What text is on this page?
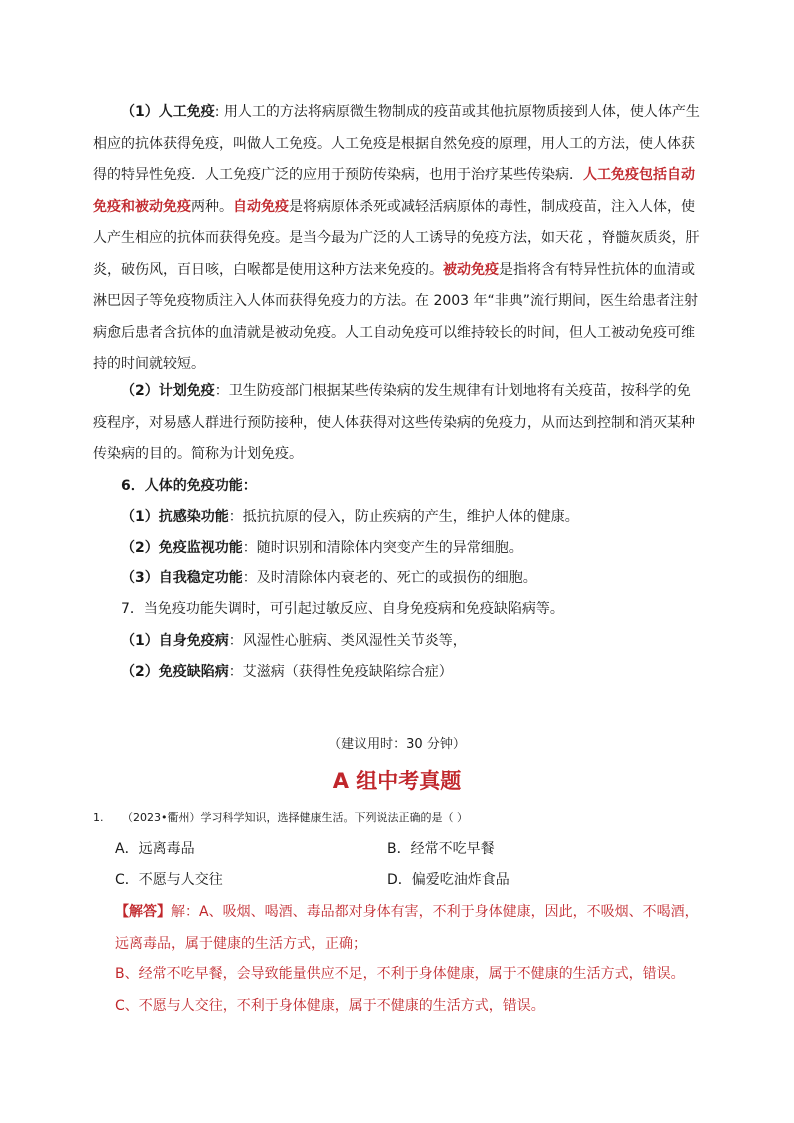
（1）人工免疫: 用人工的方法将病原微生物制成的疫苗或其他抗原物质接到人体，使人体产生相应的抗体获得免疫，叫做人工免疫。人工免疫是根据自然免疫的原理，用人工的方法，使人体获得的特异性免疫．人工免疫广泛的应用于预防传染病，也用于治疗某些传染病．人工免疫包括自动免疫和被动免疫两种。自动免疫是将病原体杀死或减轻活病原体的毒性，制成疫苗，注入人体，使人产生相应的抗体而获得免疫。是当今最为广泛的人工诱导的免疫方法，如天花 ，脊髓灰质炎，肝炎，破伤风，百日咳，白喉都是使用这种方法来免疫的。被动免疫是指将含有特异性抗体的血清或淋巴因子等免疫物质注入人体而获得免疫力的方法。在 2003 年“非典”流行期间，医生给患者注射病愈后患者含抗体的血清就是被动免疫。人工自动免疫可以维持较长的时间，但人工被动免疫可维持的时间就较短。
（2）计划免疫：卫生防疫部门根据某些传染病的发生规律有计划地将有关疫苗，按科学的免疫程序，对易感人群进行预防接种，使人体获得对这些传染病的免疫力，从而达到控制和消灭某种传染病的目的。简称为计划免疫。
6．人体的免疫功能：
（1）抗感染功能：抵抗抗原的侵入，防止疾病的产生，维护人体的健康。
（2）免疫监视功能：随时识别和清除体内突变产生的异常细胞。
（3）自我稳定功能：及时清除体内衰老的、死亡的或损伤的细胞。
7．当免疫功能失调时，可引起过敏反应、自身免疫病和免疫缺陷病等。
（1）自身免疫病：风湿性心脏病、类风湿性关节炎等，
（2）免疫缺陷病：艾滋病（获得性免疫缺陷综合症）
（建议用时：30 分钟）
A 组中考真题
1. （2023•衢州）学习科学知识，选择健康生活。下列说法正确的是（ ）
A．远离毒品	B．经常不吃早餐
C．不愿与人交往	D．偏爱吃油炸食品
【解答】解：A、吸烟、喝酒、毒品都对身体有害，不利于身体健康，因此，不吸烟、不喝酒，
远离毒品，属于健康的生活方式，正确；
B、经常不吃早餐，会导致能量供应不足，不利于身体健康，属于不健康的生活方式，错误。
C、不愿与人交往，不利于身体健康，属于不健康的生活方式，错误。
